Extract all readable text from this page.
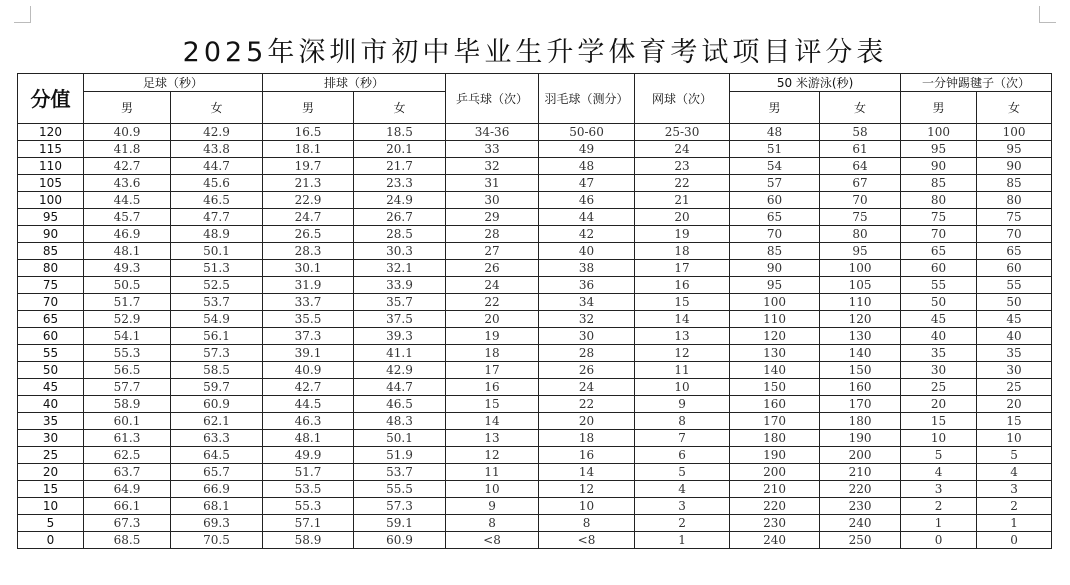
2025年深圳市初中毕业生升学体育考试项目评分表
分值	足球（秒）		排球（秒）		乒乓球（次）	羽毛球（测分）	网球（次）	50 米游泳(秒)		一分钟踢毽子（次）	
	男	女	男	女				男	女	男	女
120	40.9	42.9	16.5	18.5	34-36	50-60	25-30	48	58	100	100
115	41.8	43.8	18.1	20.1	33	49	24	51	61	95	95
110	42.7	44.7	19.7	21.7	32	48	23	54	64	90	90
105	43.6	45.6	21.3	23.3	31	47	22	57	67	85	85
100	44.5	46.5	22.9	24.9	30	46	21	60	70	80	80
95	45.7	47.7	24.7	26.7	29	44	20	65	75	75	75
90	46.9	48.9	26.5	28.5	28	42	19	70	80	70	70
85	48.1	50.1	28.3	30.3	27	40	18	85	95	65	65
80	49.3	51.3	30.1	32.1	26	38	17	90	100	60	60
75	50.5	52.5	31.9	33.9	24	36	16	95	105	55	55
70	51.7	53.7	33.7	35.7	22	34	15	100	110	50	50
65	52.9	54.9	35.5	37.5	20	32	14	110	120	45	45
60	54.1	56.1	37.3	39.3	19	30	13	120	130	40	40
55	55.3	57.3	39.1	41.1	18	28	12	130	140	35	35
50	56.5	58.5	40.9	42.9	17	26	11	140	150	30	30
45	57.7	59.7	42.7	44.7	16	24	10	150	160	25	25
40	58.9	60.9	44.5	46.5	15	22	9	160	170	20	20
35	60.1	62.1	46.3	48.3	14	20	8	170	180	15	15
30	61.3	63.3	48.1	50.1	13	18	7	180	190	10	10
25	62.5	64.5	49.9	51.9	12	16	6	190	200	5	5
20	63.7	65.7	51.7	53.7	11	14	5	200	210	4	4
15	64.9	66.9	53.5	55.5	10	12	4	210	220	3	3
10	66.1	68.1	55.3	57.3	9	10	3	220	230	2	2
5	67.3	69.3	57.1	59.1	8	8	2	230	240	1	1
0	68.5	70.5	58.9	60.9	<8	<8	1	240	250	0	0
